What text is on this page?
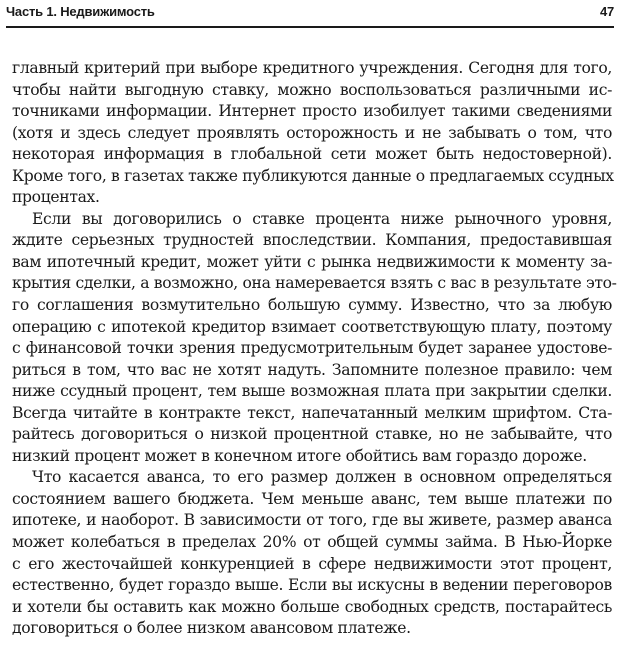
Часть 1. Недвижимость	47
главный критерий при выборе кредитного учреждения. Сегодня для того,
чтобы найти выгодную ставку, можно воспользоваться различными ис-
точниками информации. Интернет просто изобилует такими сведениями
(хотя и здесь следует проявлять осторожность и не забывать о том, что
некоторая информация в глобальной сети может быть недостоверной).
Кроме того, в газетах также публикуются данные о предлагаемых ссудных
процентах.
Если вы договорились о ставке процента ниже рыночного уровня,
ждите серьезных трудностей впоследствии. Компания, предоставившая
вам ипотечный кредит, может уйти с рынка недвижимости к моменту за-
крытия сделки, а возможно, она намеревается взять с вас в результате это-
го соглашения возмутительно большую сумму. Известно, что за любую
операцию с ипотекой кредитор взимает соответствующую плату, поэтому
с финансовой точки зрения предусмотрительным будет заранее удостове-
риться в том, что вас не хотят надуть. Запомните полезное правило: чем
ниже ссудный процент, тем выше возможная плата при закрытии сделки.
Всегда читайте в контракте текст, напечатанный мелким шрифтом. Ста-
райтесь договориться о низкой процентной ставке, но не забывайте, что
низкий процент может в конечном итоге обойтись вам гораздо дороже.
Что касается аванса, то его размер должен в основном определяться
состоянием вашего бюджета. Чем меньше аванс, тем выше платежи по
ипотеке, и наоборот. В зависимости от того, где вы живете, размер аванса
может колебаться в пределах 20% от общей суммы займа. В Нью-Йорке
с его жесточайшей конкуренцией в сфере недвижимости этот процент,
естественно, будет гораздо выше. Если вы искусны в ведении переговоров
и хотели бы оставить как можно больше свободных средств, постарайтесь
договориться о более низком авансовом платеже.
